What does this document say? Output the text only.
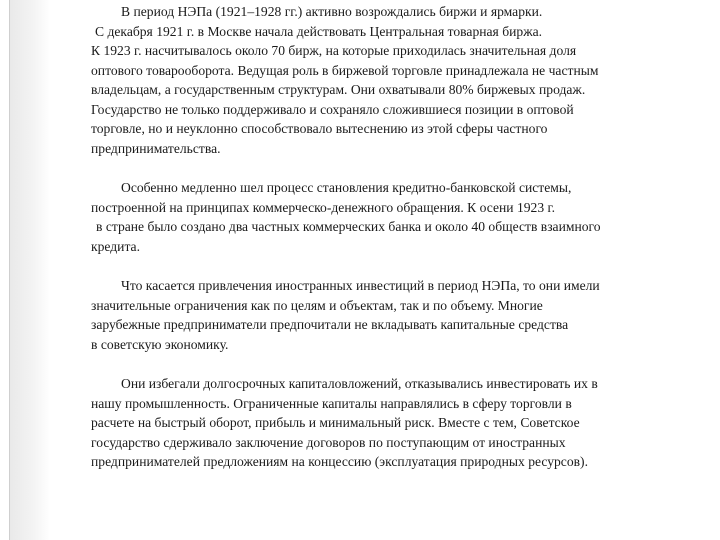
В период НЭПа (1921–1928 гг.) активно возрождались биржи и ярмарки.
С декабря 1921 г. в Москве начала действовать Центральная товарная биржа.
К 1923 г. насчитывалось около 70 бирж, на которые приходилась значительная доля
оптового товарооборота. Ведущая роль в биржевой торговле принадлежала не частным
владельцам, а государственным структурам. Они охватывали 80% биржевых продаж.
Государство не только поддерживало и сохраняло сложившиеся позиции в оптовой
торговле, но и неуклонно способствовало вытеснению из этой сферы частного
предпринимательства.

Особенно медленно шел процесс становления кредитно-банковской системы,
построенной на принципах коммерческо-денежного обращения. К осени 1923 г.
в стране было создано два частных коммерческих банка и около 40 обществ взаимного
кредита.

Что касается привлечения иностранных инвестиций в период НЭПа, то они имели
значительные ограничения как по целям и объектам, так и по объему. Многие
зарубежные предприниматели предпочитали не вкладывать капитальные средства
в советскую экономику.

Они избегали долгосрочных капиталовложений, отказывались инвестировать их в
нашу промышленность. Ограниченные капиталы направлялись в сферу торговли в
расчете на быстрый оборот, прибыль и минимальный риск. Вместе с тем, Советское
государство сдерживало заключение договоров по поступающим от иностранных
предпринимателей предложениям на концессию (эксплуатация природных ресурсов).
